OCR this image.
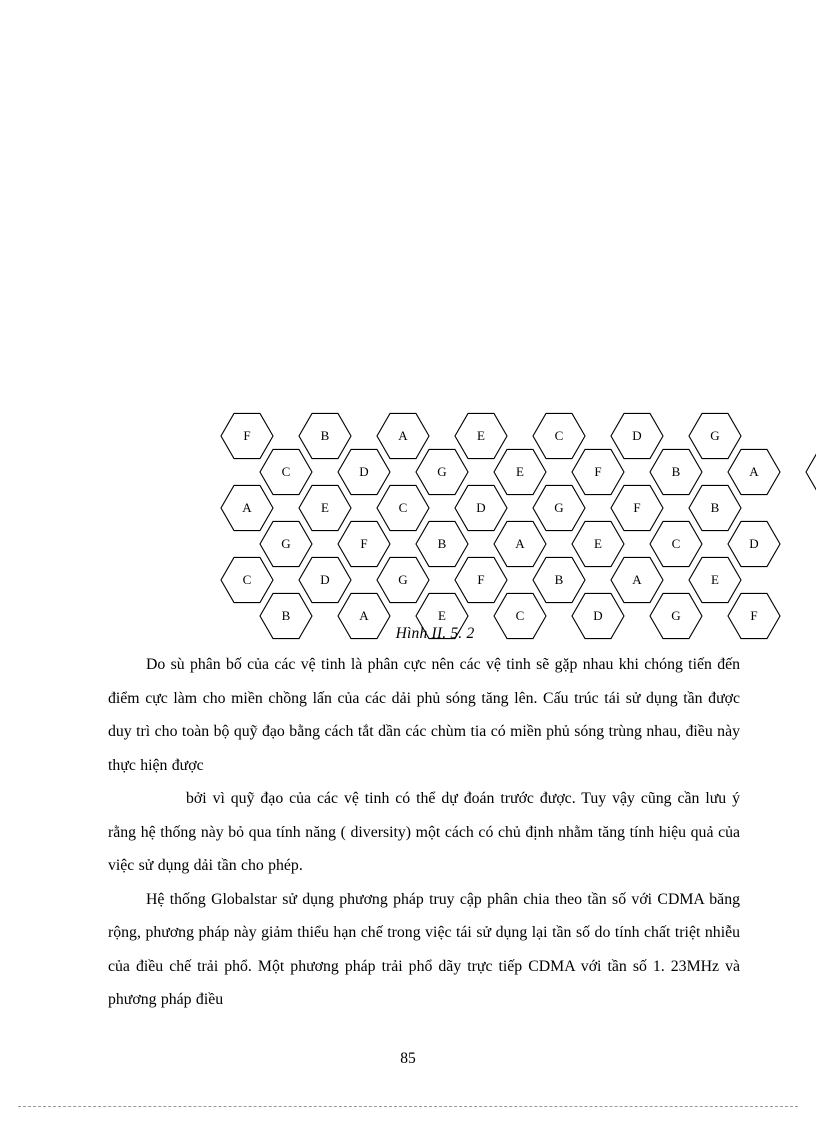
F	B	A	E	C	D	G
C	D	G	E	F	B	A
A	E	C	D	G	F	B
G	F	B	A	E	C	D
C	D	G	F	B	A	E
B	A	E	C	D	G	F
Hình II. 5. 2

Do sù phân bố của các vệ tinh là phân cực nên các vệ tinh sẽ gặp nhau khi chóng tiến đến điểm cực làm cho miền chồng lấn của các dải phủ sóng tăng lên. Cấu trúc tái sử dụng tần được duy trì cho toàn bộ quỹ đạo bằng cách tắt dần các chùm tia có miền phủ sóng trùng nhau, điều này thực hiện được

bởi vì quỹ đạo của các vệ tinh có thể dự đoán trước được. Tuy vậy cũng cần lưu ý rằng hệ thống này bỏ qua tính năng ( diversity) một cách có chủ định nhằm tăng tính hiệu quả của việc sử dụng dải tần cho phép.

Hệ thống Globalstar sử dụng phương pháp truy cập phân chia theo tần số với CDMA băng rộng, phương pháp này giảm thiểu hạn chế trong việc tái sử dụng lại tần số do tính chất triệt nhiễu của điều chế trải phổ. Một phương pháp trải phổ dãy trực tiếp CDMA với tần số 1. 23MHz và phương pháp điều

85
